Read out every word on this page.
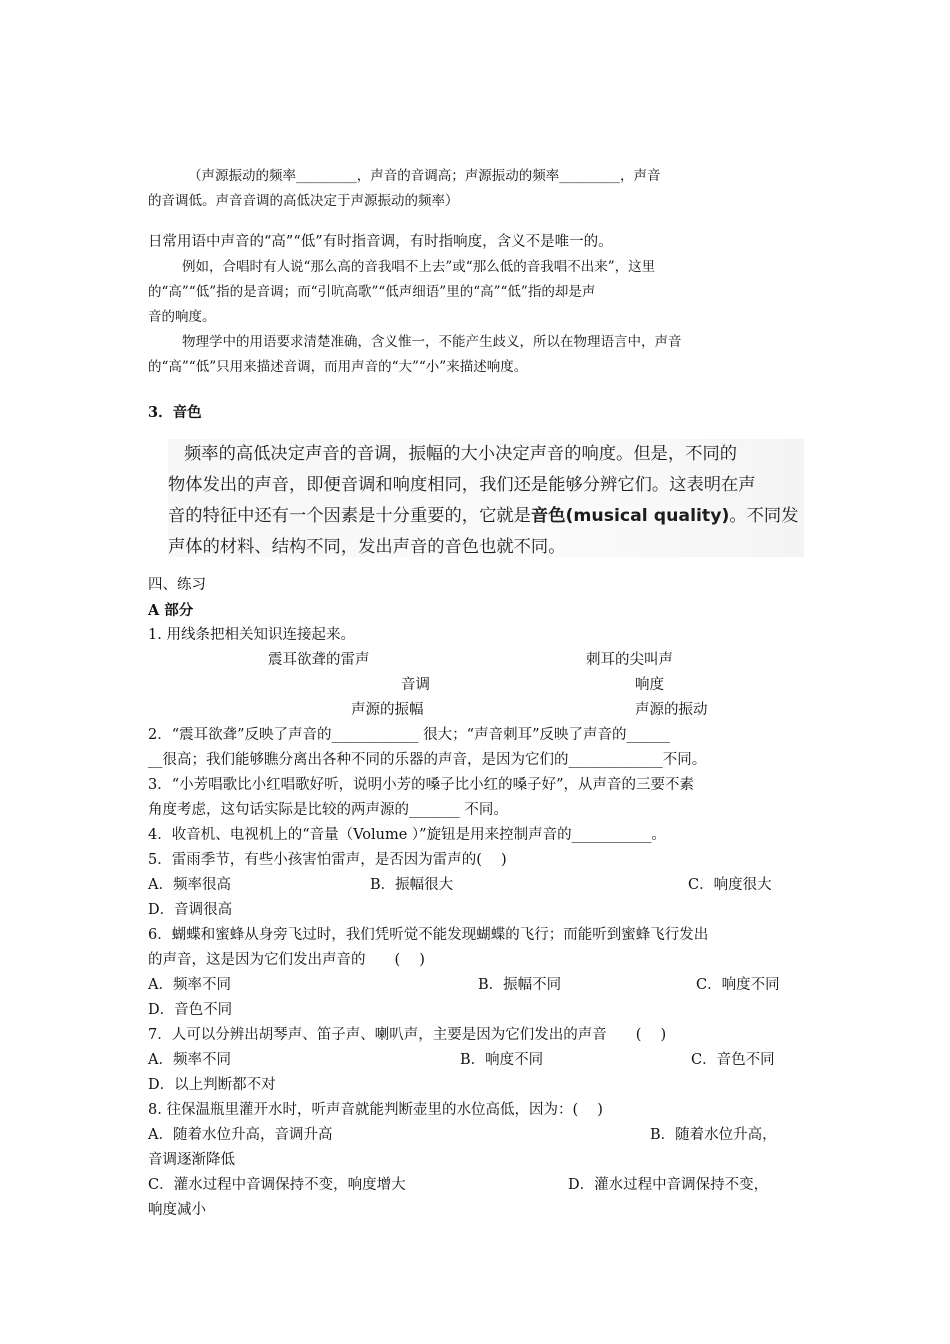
（声源振动的频率_________，声音的音调高；声源振动的频率_________，声音

的音调低。声音音调的高低决定于声源振动的频率）

日常用语中声音的“高”“低”有时指音调，有时指响度，含义不是唯一的。

例如，合唱时有人说“那么高的音我唱不上去”或“那么低的音我唱不出来”，这里

的“高”“低”指的是音调；而“引吭高歌”“低声细语”里的“高”“低”指的却是声

音的响度。

物理学中的用语要求清楚准确，含义惟一，不能产生歧义，所以在物理语言中，声音

的“高”“低”只用来描述音调，而用声音的“大”“小”来描述响度。

3．音色

频率的高低决定声音的音调，振幅的大小决定声音的响度。但是，不同的

物体发出的声音，即便音调和响度相同，我们还是能够分辨它们。这表明在声

音的特征中还有一个因素是十分重要的，它就是音色(musical quality)。不同发

声体的材料、结构不同，发出声音的音色也就不同。

四、练习

A 部分

1. 用线条把相关知识连接起来。

震耳欲聋的雷声	刺耳的尖叫声
音调	响度
声源的振幅	声源的振动

2．“震耳欲聋”反映了声音的____________ 很大；“声音刺耳”反映了声音的______

__很高；我们能够瞧分离出各种不同的乐器的声音，是因为它们的_____________不同。

3．“小芳唱歌比小红唱歌好听，说明小芳的嗓子比小红的嗓子好”，从声音的三要不素

角度考虑，这句话实际是比较的两声源的_______ 不同。

4．收音机、电视机上的“音量（Volume ）”旋钮是用来控制声音的___________。

5．雷雨季节，有些小孩害怕雷声，是否因为雷声的(　 )

A．频率很高	B．振幅很大	C．响度很大

D．音调很高

6．蝴蝶和蜜蜂从身旁飞过时，我们凭听觉不能发现蝴蝶的飞行；而能听到蜜蜂飞行发出

的声音，这是因为它们发出声音的　　(　 )

A．频率不同	B．振幅不同	C．响度不同

D．音色不同

7．人可以分辨出胡琴声、笛子声、喇叭声，主要是因为它们发出的声音　　(　 )

A．频率不同	B．响度不同	C．音色不同

D．以上判断都不对

8. 往保温瓶里灌开水时，听声音就能判断壶里的水位高低，因为：(　 )

A．随着水位升高，音调升高	B．随着水位升高，

音调逐渐降低

C．灌水过程中音调保持不变，响度增大	D．灌水过程中音调保持不变，

响度减小
